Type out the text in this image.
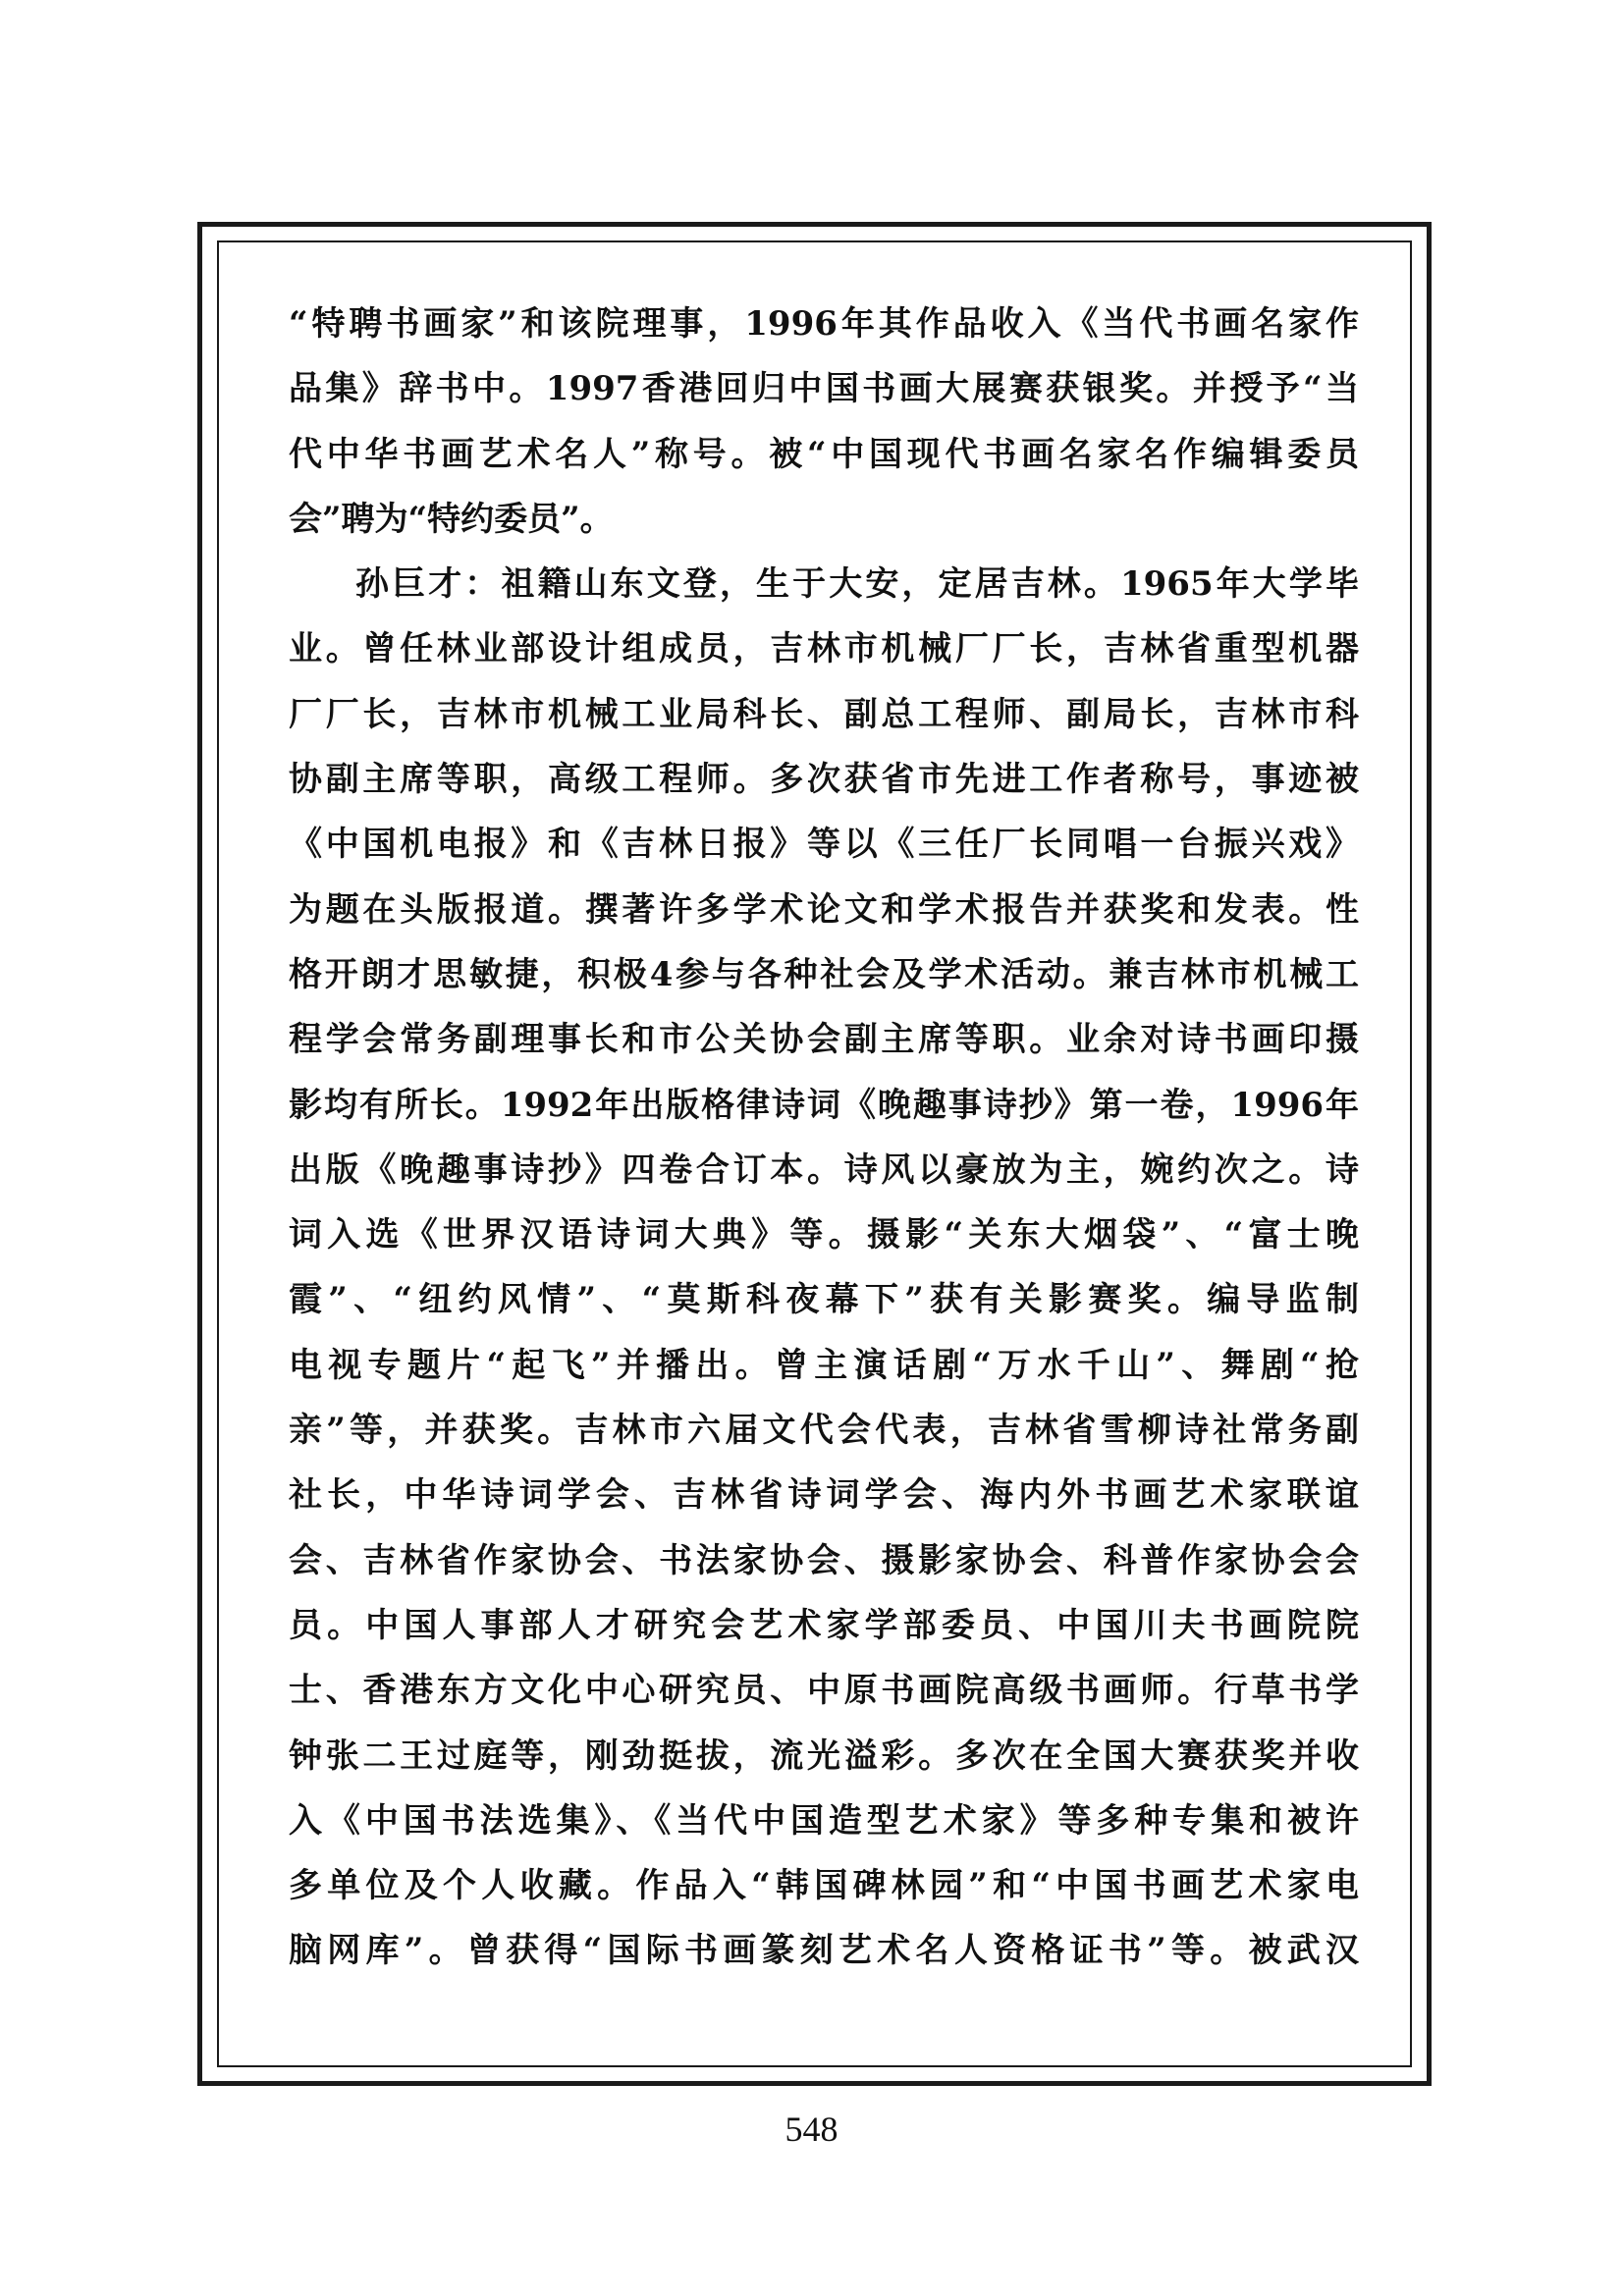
“特聘书画家”和该院理事，1996年其作品收入《当代书画名家作
品集》辞书中。1997香港回归中国书画大展赛获银奖。并授予“当
代中华书画艺术名人”称号。被“中国现代书画名家名作编辑委员
会”聘为“特约委员”。

孙巨才：祖籍山东文登，生于大安，定居吉林。1965年大学毕
业。曾任林业部设计组成员，吉林市机械厂厂长，吉林省重型机器
厂厂长，吉林市机械工业局科长、副总工程师、副局长，吉林市科
协副主席等职，高级工程师。多次获省市先进工作者称号，事迹被
《中国机电报》和《吉林日报》等以《三任厂长同唱一台振兴戏》
为题在头版报道。撰著许多学术论文和学术报告并获奖和发表。性
格开朗才思敏捷，积极4参与各种社会及学术活动。兼吉林市机械工
程学会常务副理事长和市公关协会副主席等职。业余对诗书画印摄
影均有所长。1992年出版格律诗词《晚趣事诗抄》第一卷，1996年
出版《晚趣事诗抄》四卷合订本。诗风以豪放为主，婉约次之。诗
词入选《世界汉语诗词大典》等。摄影“关东大烟袋”、“富士晚
霞”、“纽约风情”、“莫斯科夜幕下”获有关影赛奖。编导监制
电视专题片“起飞”并播出。曾主演话剧“万水千山”、舞剧“抢
亲”等，并获奖。吉林市六届文代会代表，吉林省雪柳诗社常务副
社长，中华诗词学会、吉林省诗词学会、海内外书画艺术家联谊
会、吉林省作家协会、书法家协会、摄影家协会、科普作家协会会
员。中国人事部人才研究会艺术家学部委员、中国川夫书画院院
士、香港东方文化中心研究员、中原书画院高级书画师。行草书学
钟张二王过庭等，刚劲挺拔，流光溢彩。多次在全国大赛获奖并收
入《中国书法选集》、《当代中国造型艺术家》等多种专集和被许
多单位及个人收藏。作品入“韩国碑林园”和“中国书画艺术家电
脑网库”。曾获得“国际书画篆刻艺术名人资格证书”等。被武汉

548
